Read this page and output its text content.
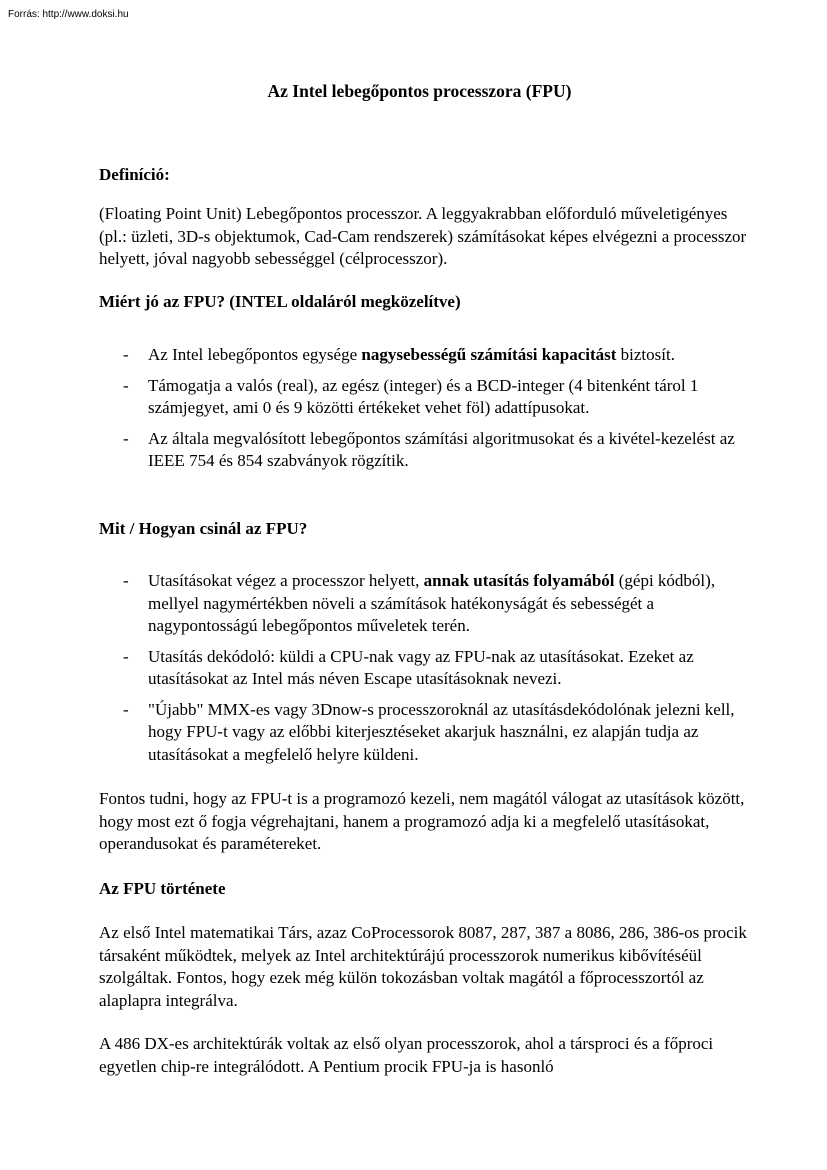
Forrás: http://www.doksi.hu
Az Intel lebegőpontos processzora (FPU)
Definíció:
(Floating Point Unit) Lebegőpontos processzor. A leggyakrabban előforduló műveletigényes (pl.: üzleti, 3D-s objektumok, Cad-Cam rendszerek) számításokat képes elvégezni a processzor helyett, jóval nagyobb sebességgel (célprocesszor).
Miért jó az FPU? (INTEL oldaláról megközelítve)
- Az Intel lebegőpontos egysége nagysebességű számítási kapacitást biztosít.
- Támogatja a valós (real), az egész (integer) és a BCD-integer (4 bitenként tárol 1 számjegyet, ami 0 és 9 közötti értékeket vehet föl) adattípusokat.
- Az általa megvalósított lebegőpontos számítási algoritmusokat és a kivétel-kezelést az IEEE 754 és 854 szabványok rögzítik.
Mit / Hogyan csinál az FPU?
- Utasításokat végez a processzor helyett, annak utasítás folyamából (gépi kódból), mellyel nagymértékben növeli a számítások hatékonyságát és sebességét a nagypontosságú lebegőpontos műveletek terén.
- Utasítás dekódoló: küldi a CPU-nak vagy az FPU-nak az utasításokat. Ezeket az utasításokat az Intel más néven Escape utasításoknak nevezi.
- "Újabb" MMX-es vagy 3Dnow-s processzoroknál az utasításdekódolónak jelezni kell, hogy FPU-t vagy az előbbi kiterjesztéseket akarjuk használni, ez alapján tudja az utasításokat a megfelelő helyre küldeni.
Fontos tudni, hogy az FPU-t is a programozó kezeli, nem magától válogat az utasítások között, hogy most ezt ő fogja végrehajtani, hanem a programozó adja ki a megfelelő utasításokat, operandusokat és paramétereket.
Az FPU története
Az első Intel matematikai Társ, azaz CoProcessorok 8087, 287, 387 a 8086, 286, 386-os procik társaként működtek, melyek az Intel architektúrájú processzorok numerikus kibővítéséül szolgáltak. Fontos, hogy ezek még külön tokozásban voltak magától a főprocesszortól az alaplapra integrálva.
A 486 DX-es architektúrák voltak az első olyan processzorok, ahol a társproci és a főproci egyetlen chip-re integrálódott. A Pentium procik FPU-ja is hasonló
